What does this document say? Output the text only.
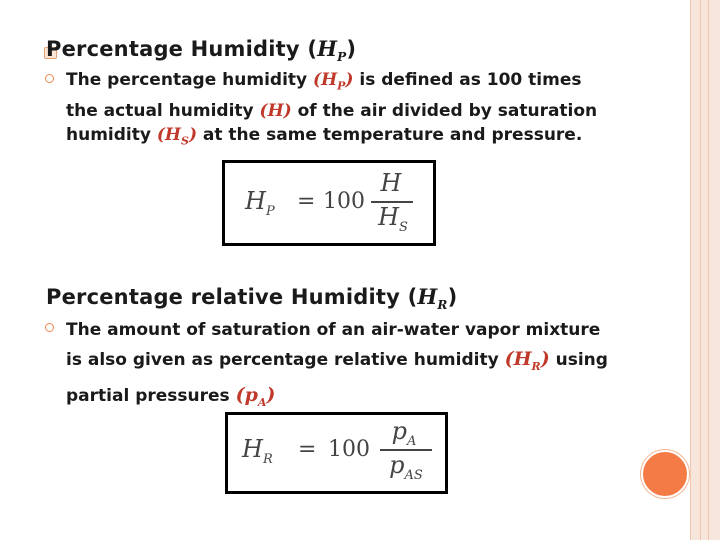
Percentage Humidity $(H_P)$
The percentage humidity $(H_P)$ is defined as 100 times
the actual humidity (H) of the air divided by saturation
humidity $(H_S)$ at the same temperature and pressure.
$H_P = 100$
H
$H_S$
Percentage relative Humidity $(H_R)$
The amount of saturation of an air-water vapor mixture
is also given as percentage relative humidity $(H_R)$ using
partial pressures $(p_A)$
$H_R = 100$
$p_A$
$p_{AS}$
